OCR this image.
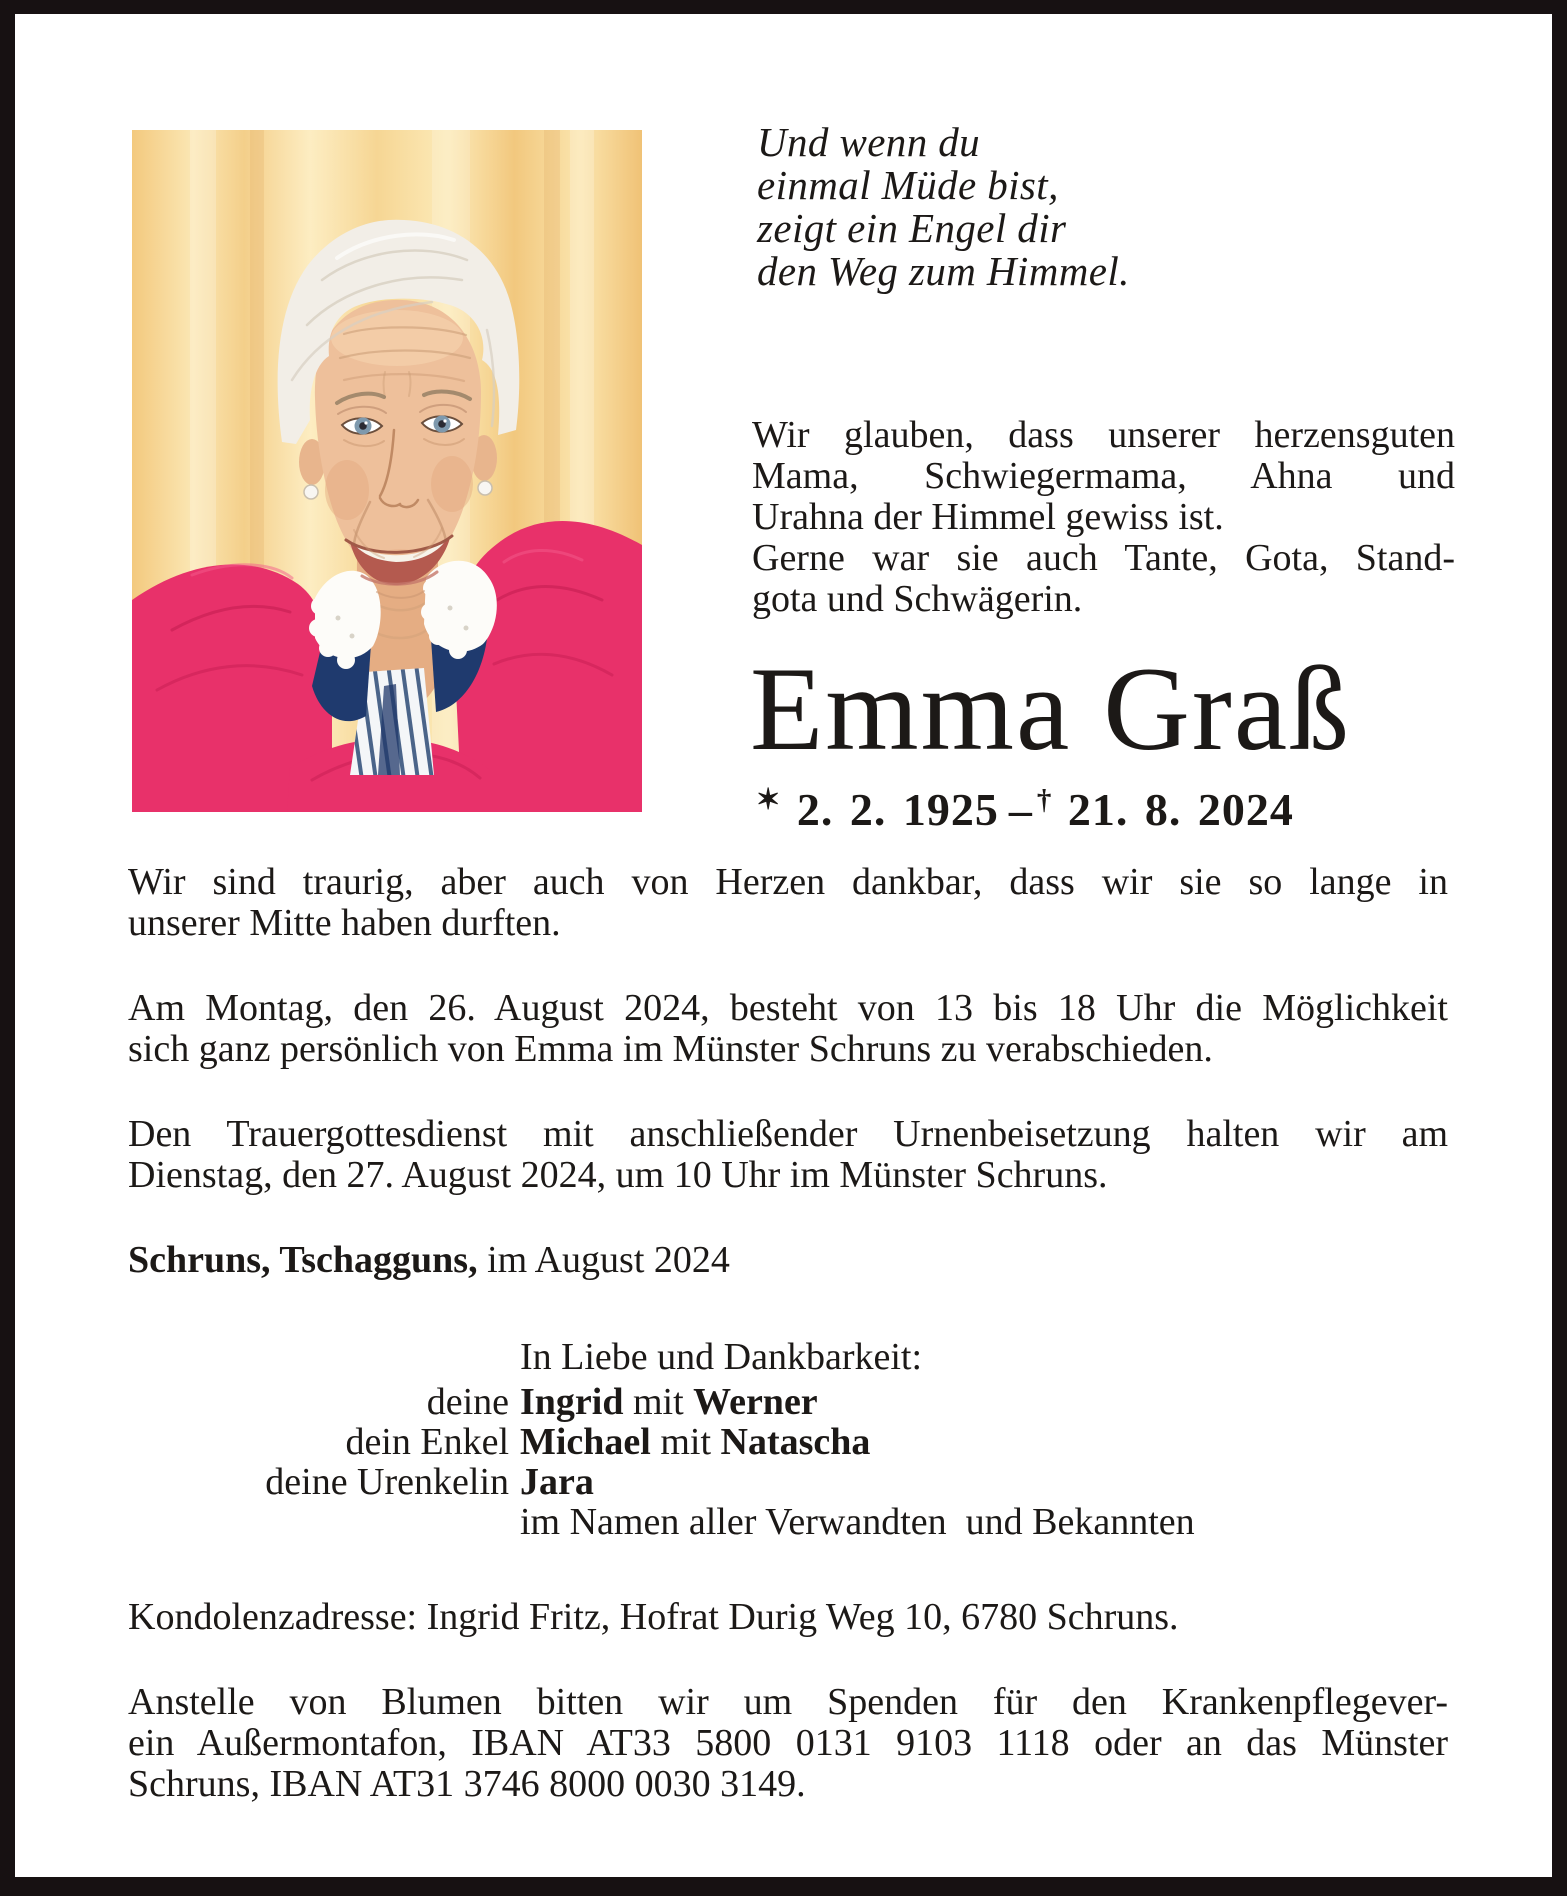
Und wenn du
einmal Müde bist,
zeigt ein Engel dir
den Weg zum Himmel.
Wir glauben, dass unserer herzensguten
Mama, Schwiegermama, Ahna und
Urahna der Himmel gewiss ist.
Gerne war sie auch Tante, Gota, Stand-
gota und Schwägerin.
Emma Graß
✶ 2. 2. 1925 – † 21. 8. 2024
Wir sind traurig, aber auch von Herzen dankbar, dass wir sie so lange in
unserer Mitte haben durften.
Am Montag, den 26. August 2024, besteht von 13 bis 18 Uhr die Möglichkeit
sich ganz persönlich von Emma im Münster Schruns zu verabschieden.
Den Trauergottesdienst mit anschließender Urnenbeisetzung halten wir am
Dienstag, den 27. August 2024, um 10 Uhr im Münster Schruns.
Schruns, Tschagguns, im August 2024
In Liebe und Dankbarkeit:
deine Ingrid mit Werner
dein Enkel Michael mit Natascha
deine Urenkelin Jara
im Namen aller Verwandten  und Bekannten
Kondolenzadresse: Ingrid Fritz, Hofrat Durig Weg 10, 6780 Schruns.
Anstelle von Blumen bitten wir um Spenden für den Krankenpflegever-
ein Außermontafon, IBAN AT33 5800 0131 9103 1118 oder an das Münster
Schruns, IBAN AT31 3746 8000 0030 3149.
